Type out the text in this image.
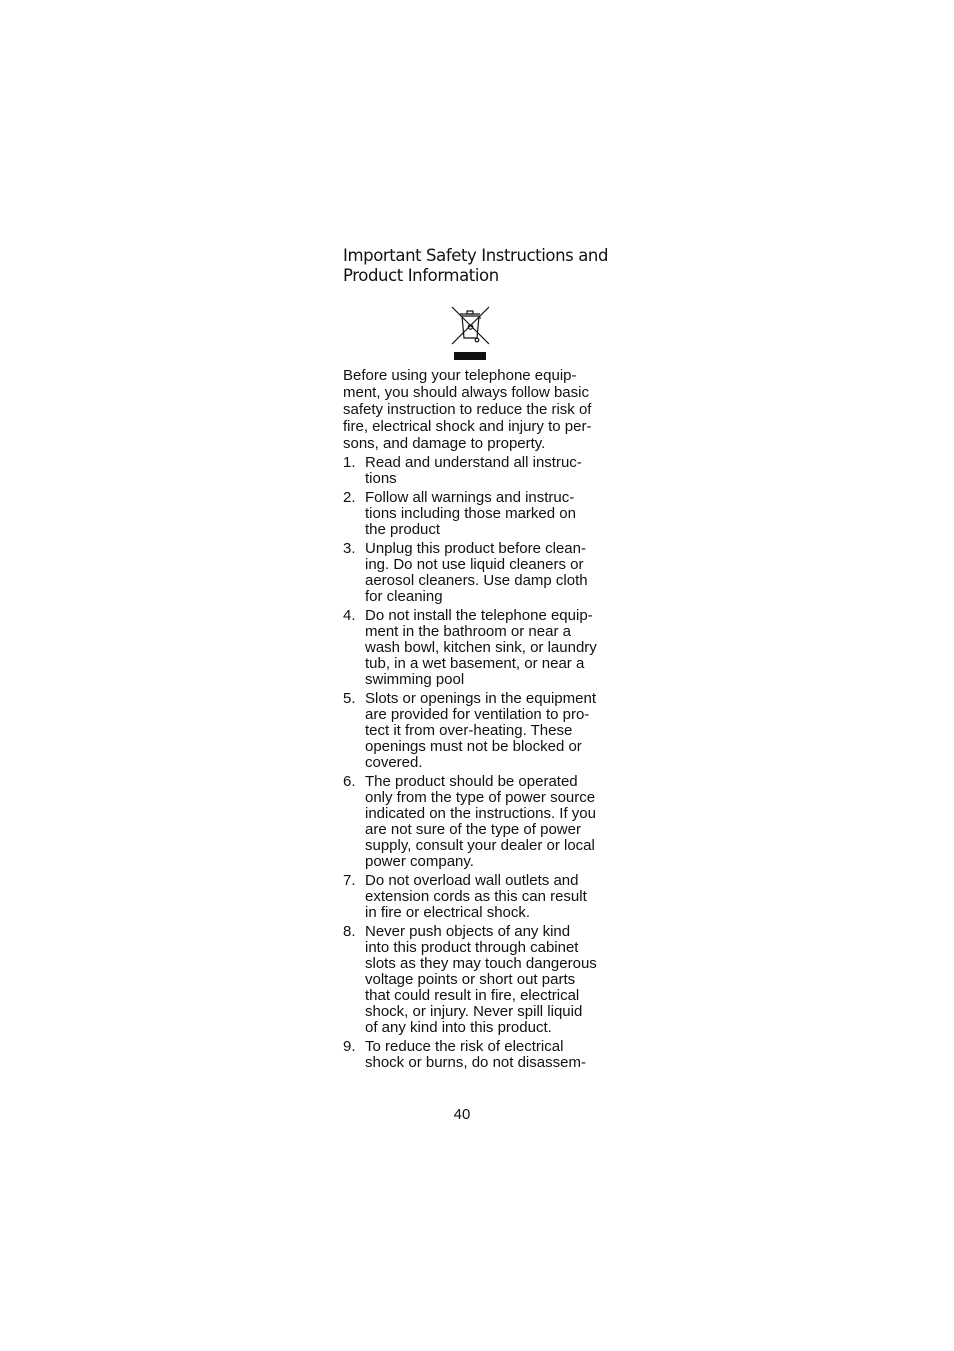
Important Safety Instructions and
Product Information

Before using your telephone equip-
ment, you should always follow basic
safety instruction to reduce the risk of
fire, electrical shock and injury to per-
sons, and damage to property.

1. Read and understand all instruc-
tions
2. Follow all warnings and instruc-
tions including those marked on
the product
3. Unplug this product before clean-
ing. Do not use liquid cleaners or
aerosol cleaners. Use damp cloth
for cleaning
4. Do not install the telephone equip-
ment in the bathroom or near a
wash bowl, kitchen sink, or laundry
tub, in a wet basement, or near a
swimming pool
5. Slots or openings in the equipment
are provided for ventilation to pro-
tect it from over-heating. These
openings must not be blocked or
covered.
6. The product should be operated
only from the type of power source
indicated on the instructions. If you
are not sure of the type of power
supply, consult your dealer or local
power company.
7. Do not overload wall outlets and
extension cords as this can result
in fire or electrical shock.
8. Never push objects of any kind
into this product through cabinet
slots as they may touch dangerous
voltage points or short out parts
that could result in fire, electrical
shock, or injury. Never spill liquid
of any kind into this product.
9. To reduce the risk of electrical
shock or burns, do not disassem-
40
